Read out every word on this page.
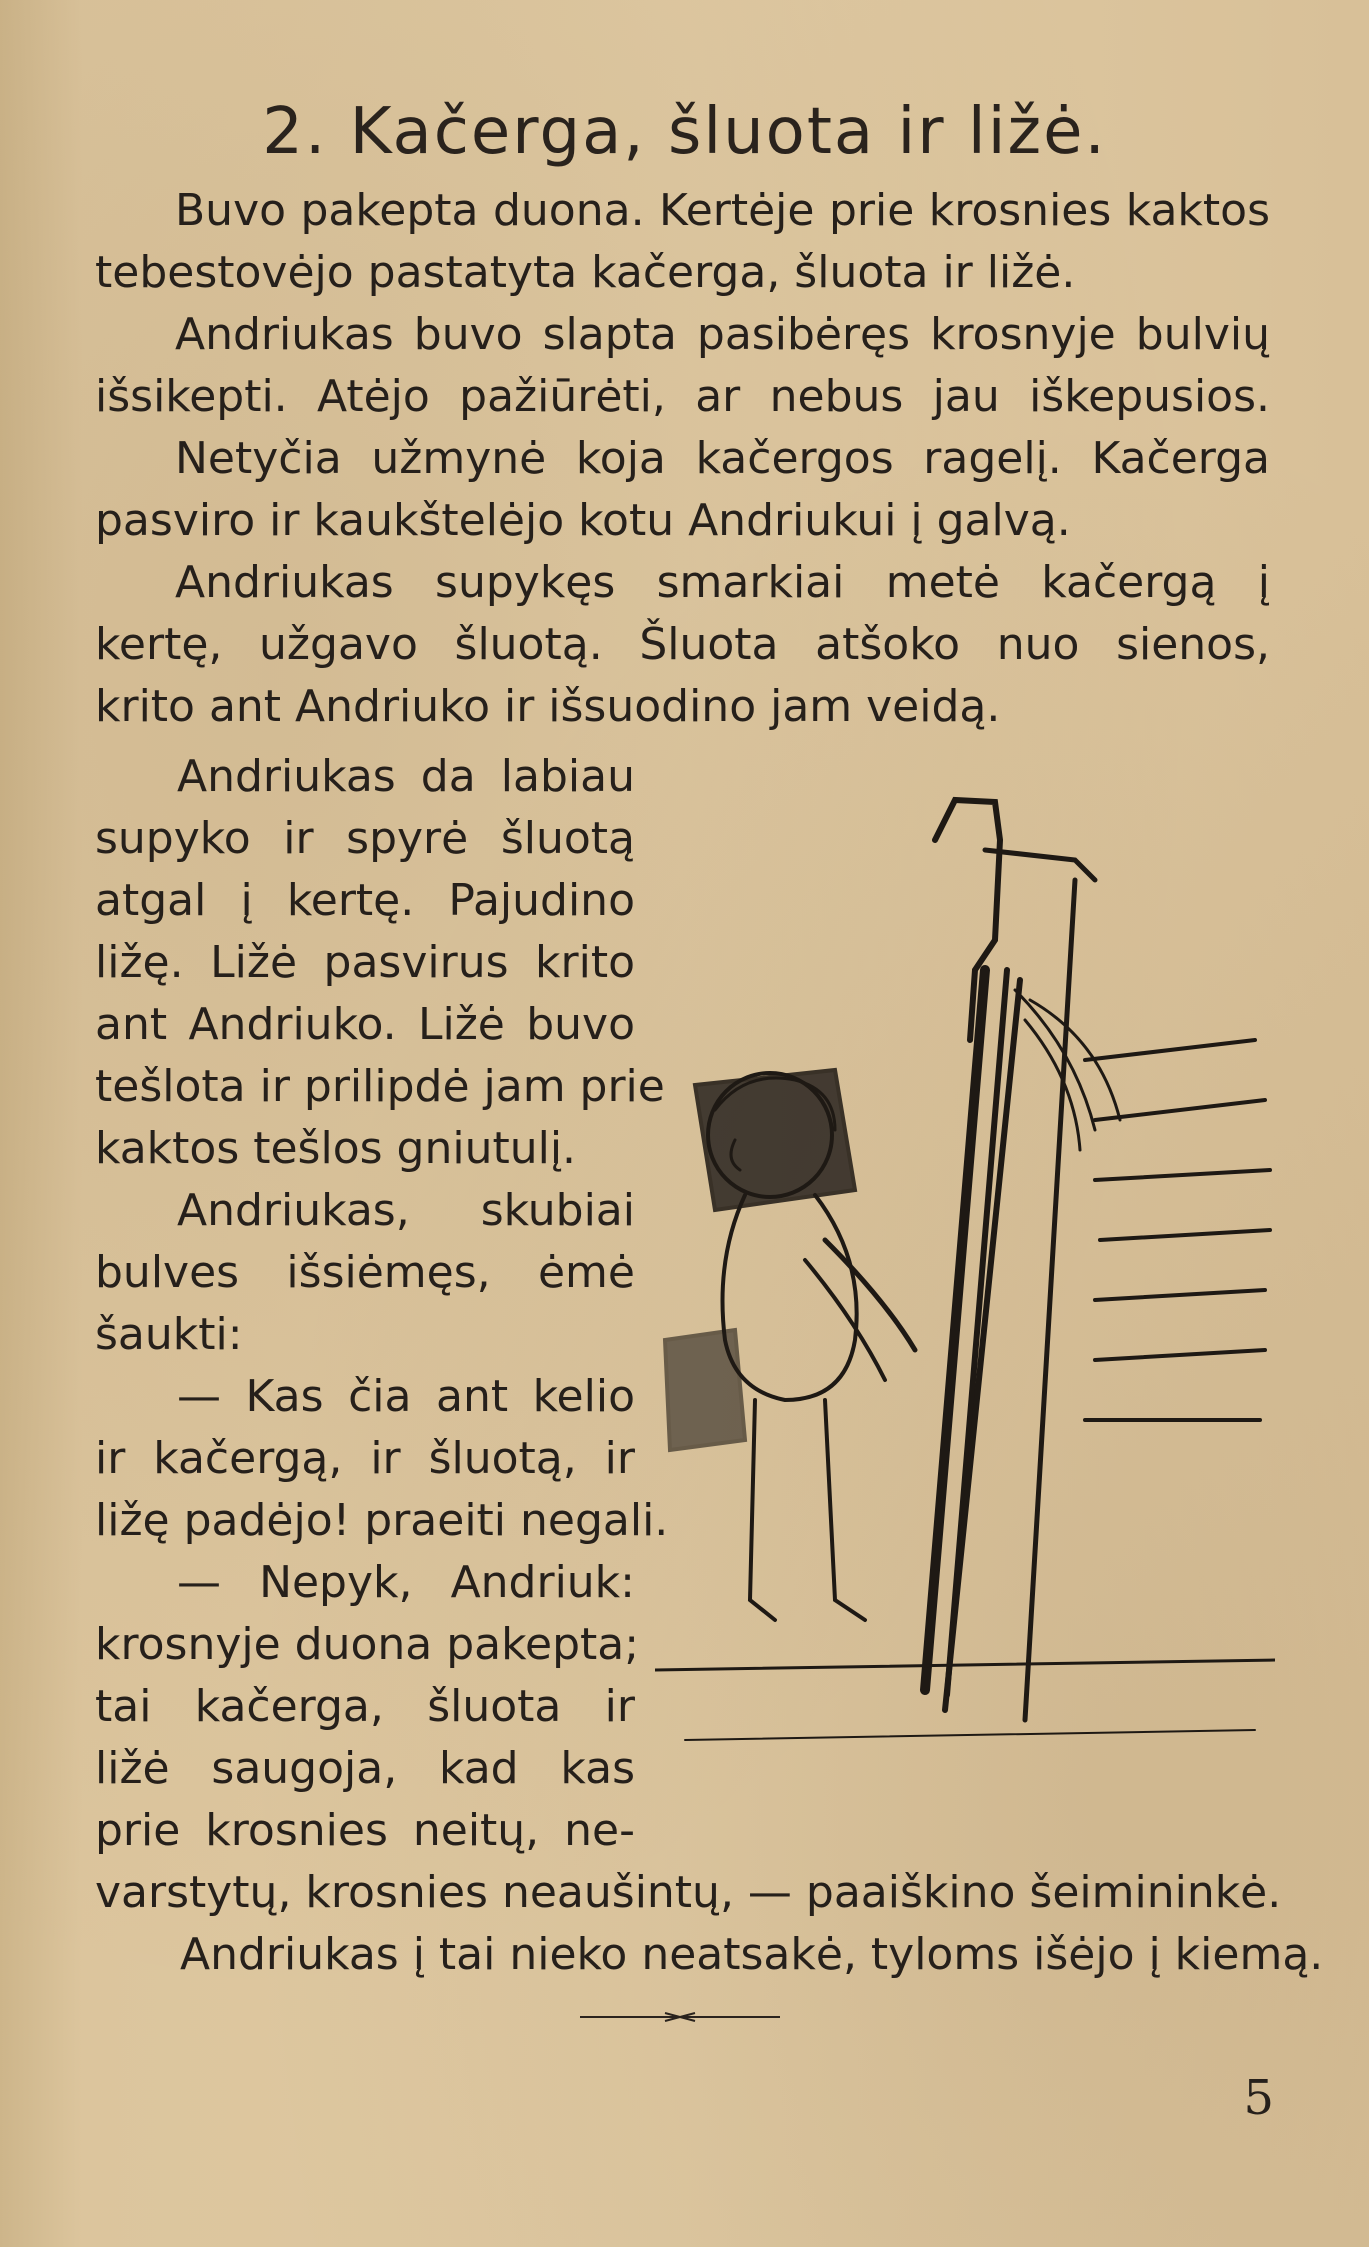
2. Kačerga, šluota ir ližė.
Buvo pakepta duona. Kertėje prie krosnies kaktos
tebestovėjo pastatyta kačerga, šluota ir ližė.
Andriukas buvo slapta pasibėręs krosnyje bulvių
išsikepti. Atėjo pažiūrėti, ar nebus jau iškepusios.
Netyčia užmynė koja kačergos ragelį. Kačerga
pasviro ir kaukštelėjo kotu Andriukui į galvą.
Andriukas supykęs smarkiai metė kačergą į
kertę, užgavo šluotą. Šluota atšoko nuo sienos,
krito ant Andriuko ir išsuodino jam veidą.
Andriukas da labiau
supyko ir spyrė šluotą
atgal į kertę. Pajudino
ližę. Ližė pasvirus krito
ant Andriuko. Ližė buvo
tešlota ir prilipdė jam prie
kaktos tešlos gniutulį.
Andriukas, skubiai
bulves išsiėmęs, ėmė
šaukti:
— Kas čia ant kelio
ir kačergą, ir šluotą, ir
ližę padėjo! praeiti negali.
— Nepyk, Andriuk:
krosnyje duona pakepta;
tai kačerga, šluota ir
ližė saugoja, kad kas
prie krosnies neitų, ne-
varstytų, krosnies neaušintų, — paaiškino šeimininkė.
Andriukas į tai nieko neatsakė, tyloms išėjo į kiemą.
5
